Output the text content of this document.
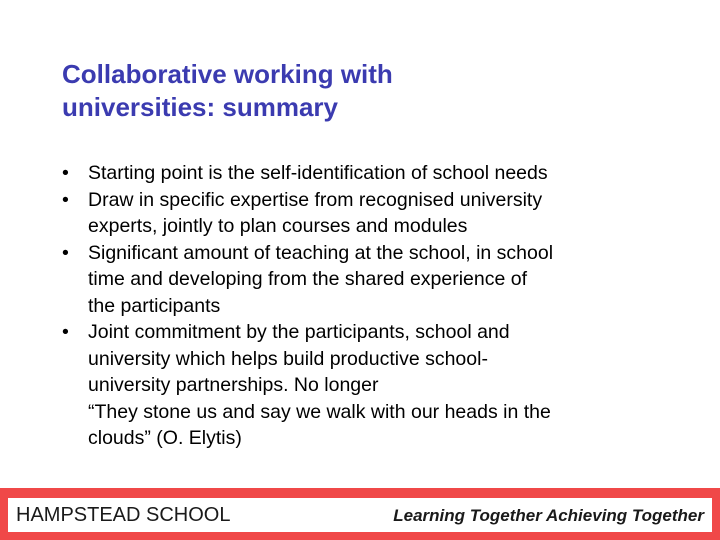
Collaborative working with
universities: summary
• Starting point is the self-identification of school needs
• Draw in specific expertise from recognised university
experts, jointly to plan courses and modules
• Significant amount of teaching at the school, in school
time and developing from the shared experience of
the participants
• Joint commitment by the participants, school and
university which helps build productive school-
university partnerships. No longer
“They stone us and say we walk with our heads in the
clouds” (O. Elytis)
HAMPSTEAD SCHOOL	Learning Together Achieving Together
